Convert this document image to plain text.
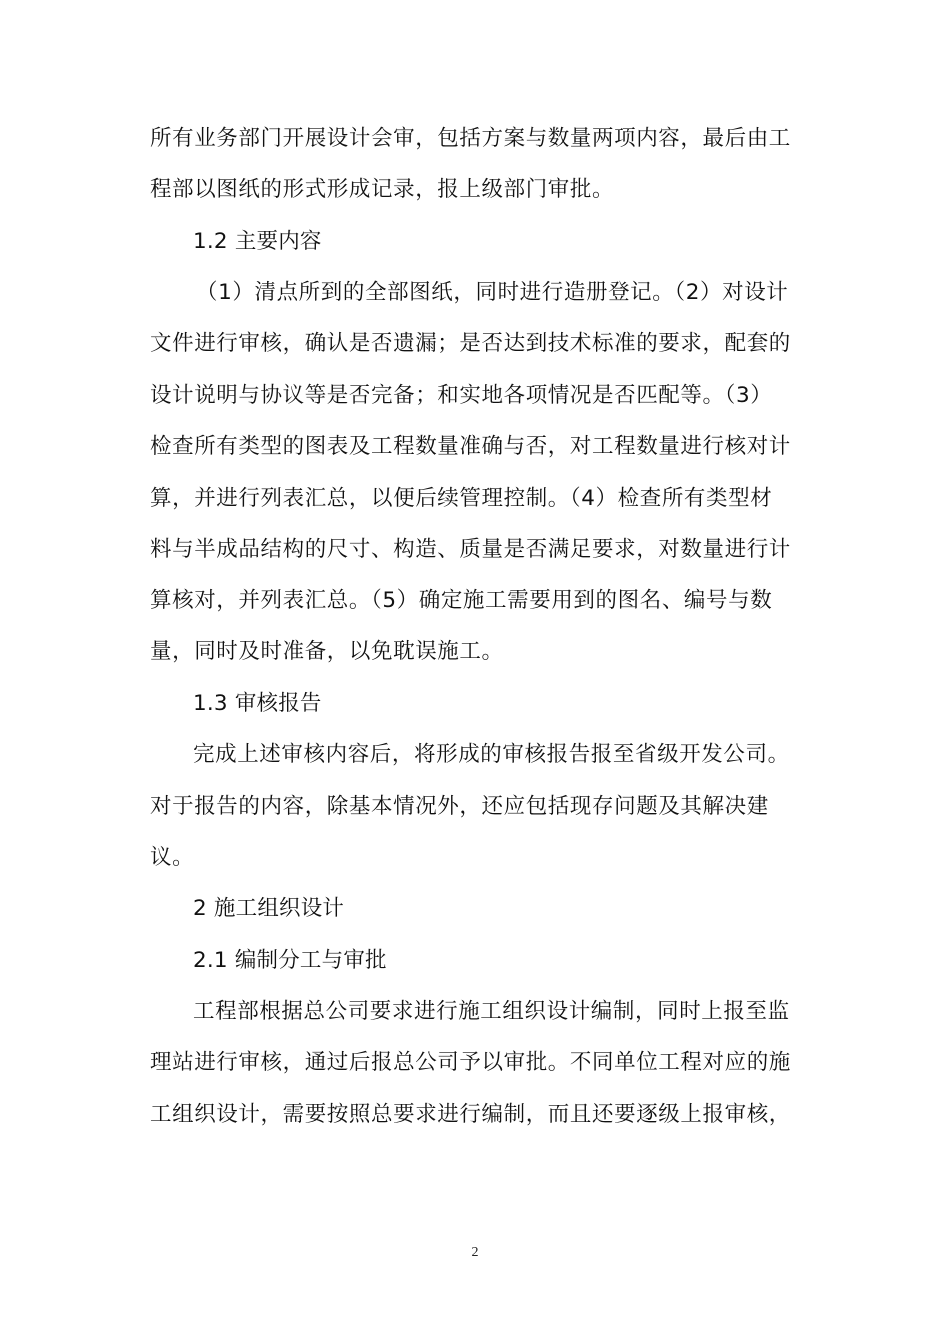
所有业务部门开展设计会审，包括方案与数量两项内容，最后由工
程部以图纸的形式形成记录，报上级部门审批。
1.2 主要内容
（1）清点所到的全部图纸，同时进行造册登记。（2）对设计
文件进行审核，确认是否遗漏；是否达到技术标准的要求，配套的
设计说明与协议等是否完备；和实地各项情况是否匹配等。（3）
检查所有类型的图表及工程数量准确与否，对工程数量进行核对计
算，并进行列表汇总，以便后续管理控制。（4）检查所有类型材
料与半成品结构的尺寸、构造、质量是否满足要求，对数量进行计
算核对，并列表汇总。（5）确定施工需要用到的图名、编号与数
量，同时及时准备，以免耽误施工。
1.3 审核报告
完成上述审核内容后，将形成的审核报告报至省级开发公司。
对于报告的内容，除基本情况外，还应包括现存问题及其解决建
议。
2 施工组织设计
2.1 编制分工与审批
工程部根据总公司要求进行施工组织设计编制，同时上报至监
理站进行审核，通过后报总公司予以审批。不同单位工程对应的施
工组织设计，需要按照总要求进行编制，而且还要逐级上报审核，
2
